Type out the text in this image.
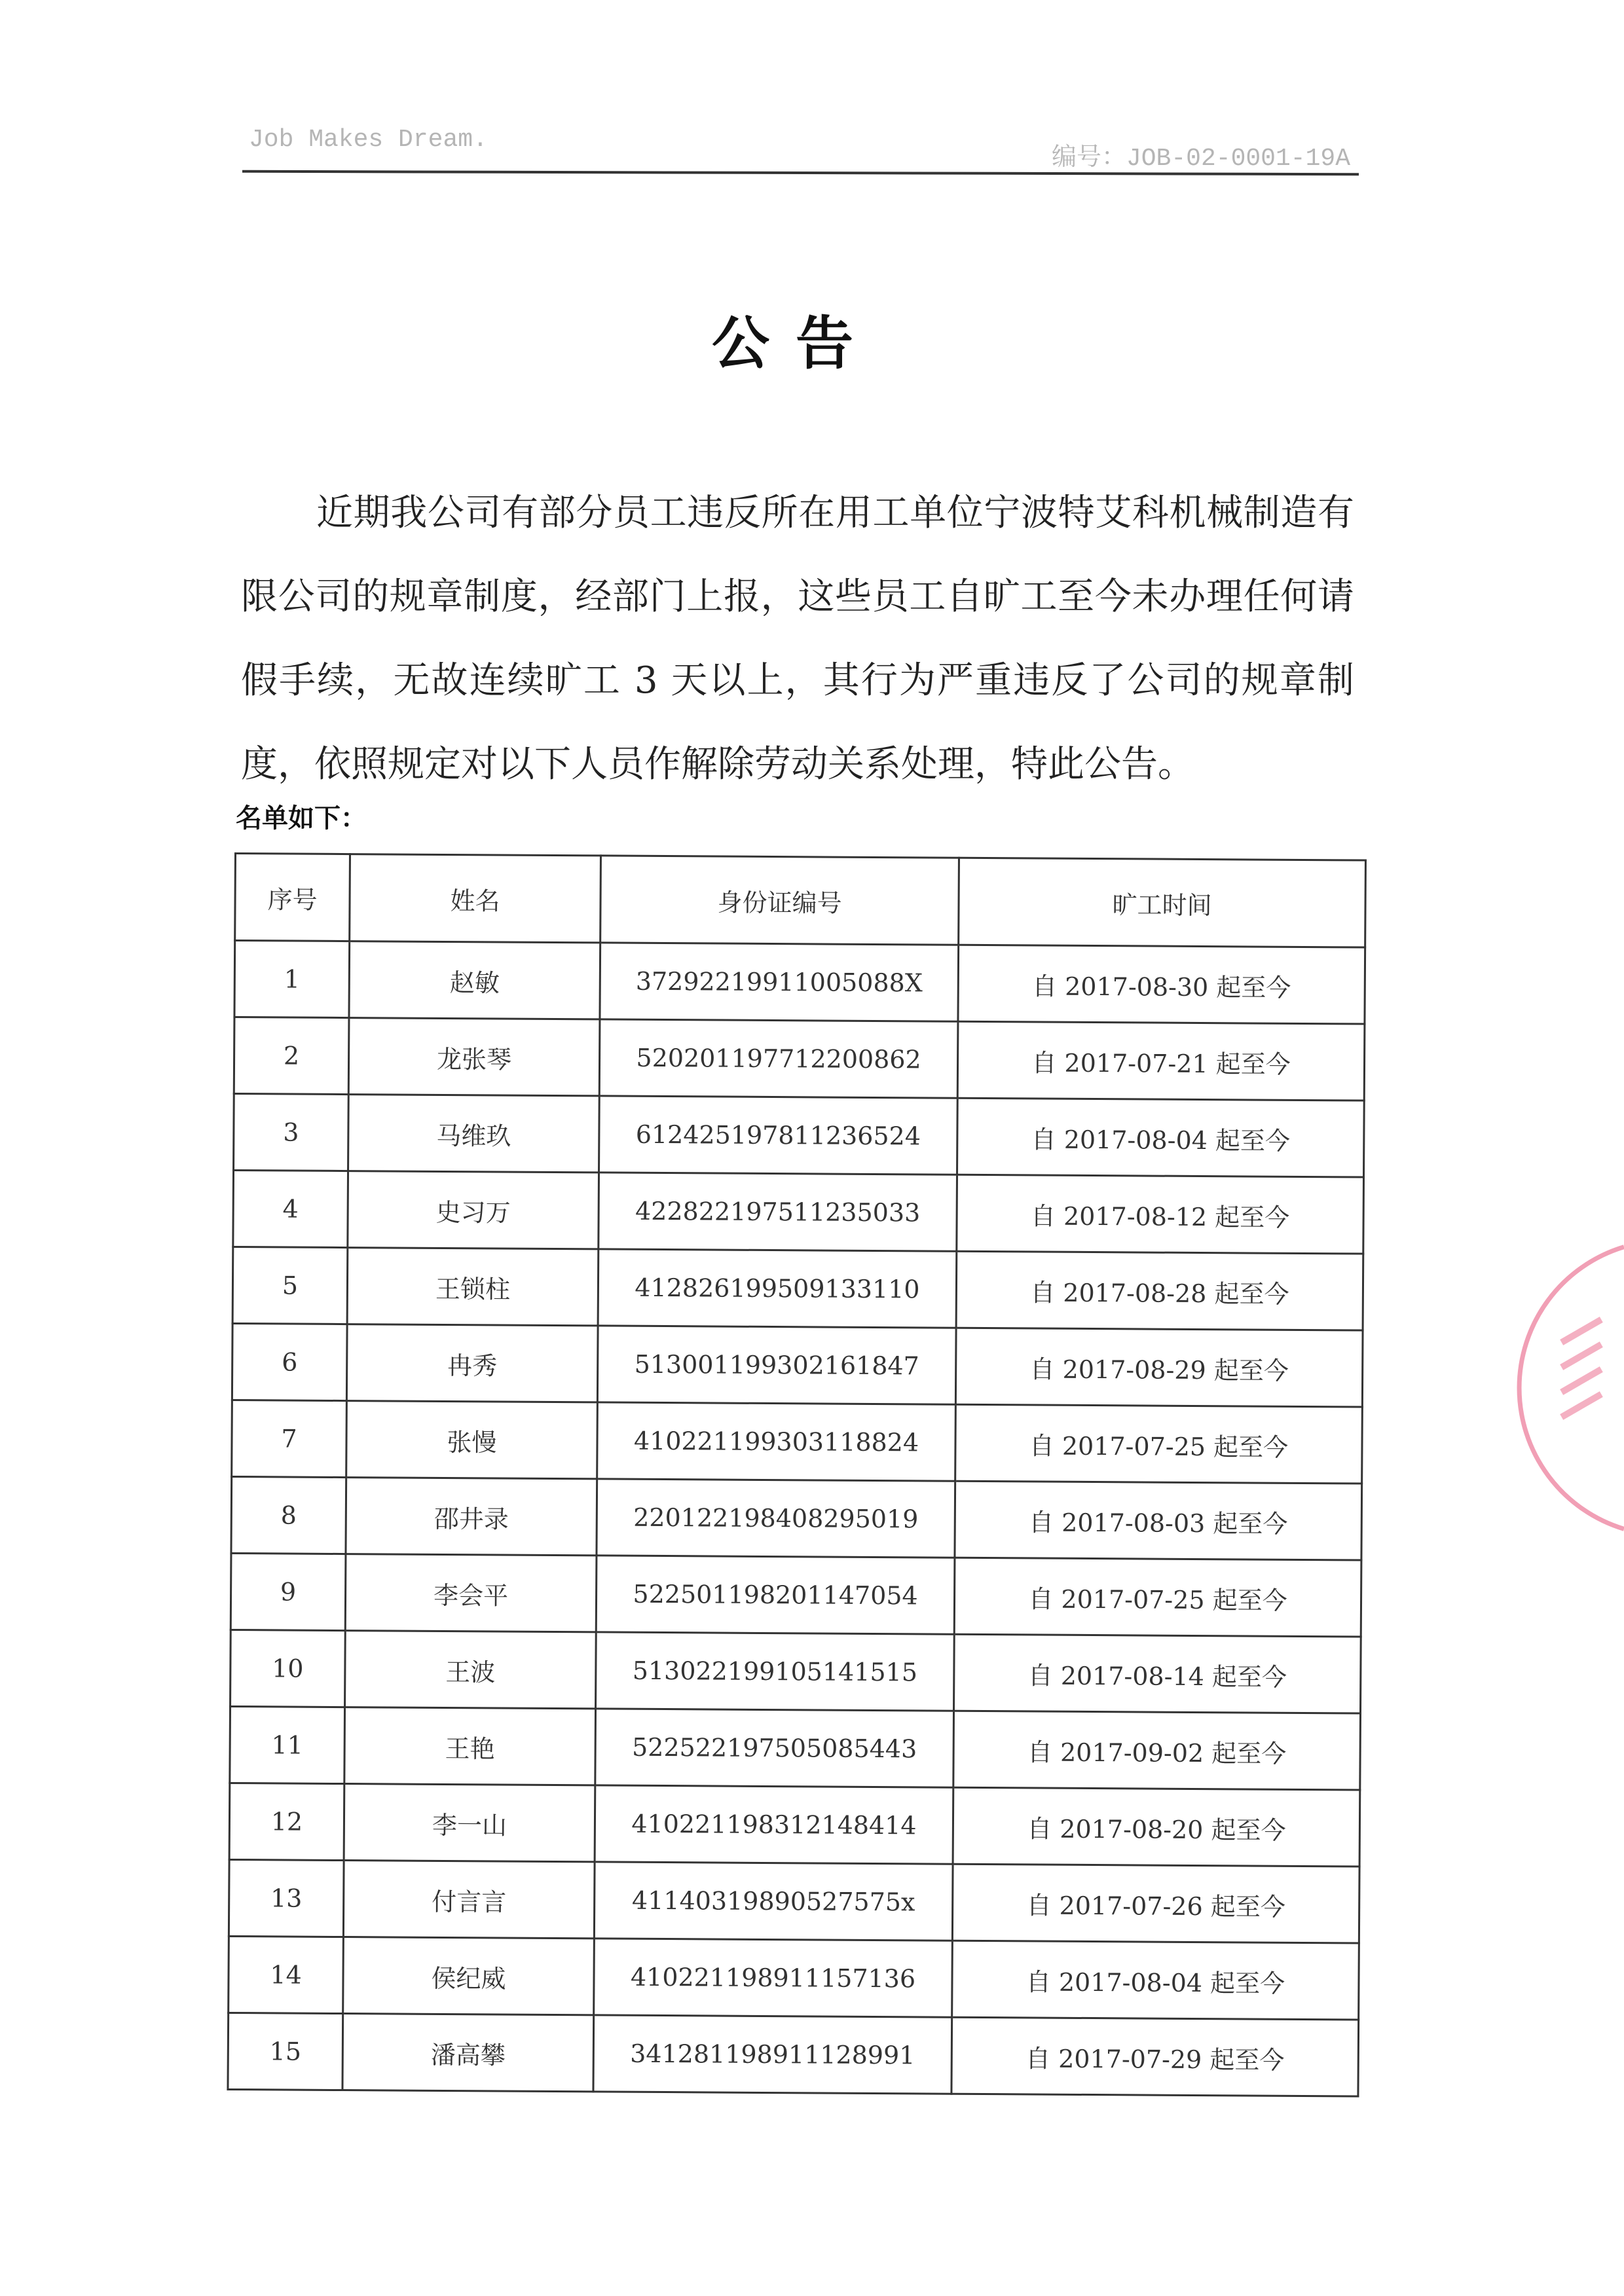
Job Makes Dream.
编号：JOB-02-0001-19A
公告
近期我公司有部分员工违反所在用工单位宁波特艾科机械制造有限公司的规章制度，经部门上报，这些员工自旷工至今未办理任何请假手续，无故连续旷工 3 天以上，其行为严重违反了公司的规章制度，依照规定对以下人员作解除劳动关系处理，特此公告。
名单如下：
序号	姓名	身份证编号	旷工时间
1	赵敏	37292219911005088X	自 2017-08-30 起至今
2	龙张琴	520201197712200862	自 2017-07-21 起至今
3	马维玖	612425197811236524	自 2017-08-04 起至今
4	史习万	422822197511235033	自 2017-08-12 起至今
5	王锁柱	412826199509133110	自 2017-08-28 起至今
6	冉秀	513001199302161847	自 2017-08-29 起至今
7	张慢	410221199303118824	自 2017-07-25 起至今
8	邵井录	220122198408295019	自 2017-08-03 起至今
9	李会平	522501198201147054	自 2017-07-25 起至今
10	王波	513022199105141515	自 2017-08-14 起至今
11	王艳	522522197505085443	自 2017-09-02 起至今
12	李一山	410221198312148414	自 2017-08-20 起至今
13	付言言	41140319890527575x	自 2017-07-26 起至今
14	侯纪威	410221198911157136	自 2017-08-04 起至今
15	潘高攀	341281198911128991	自 2017-07-29 起至今
